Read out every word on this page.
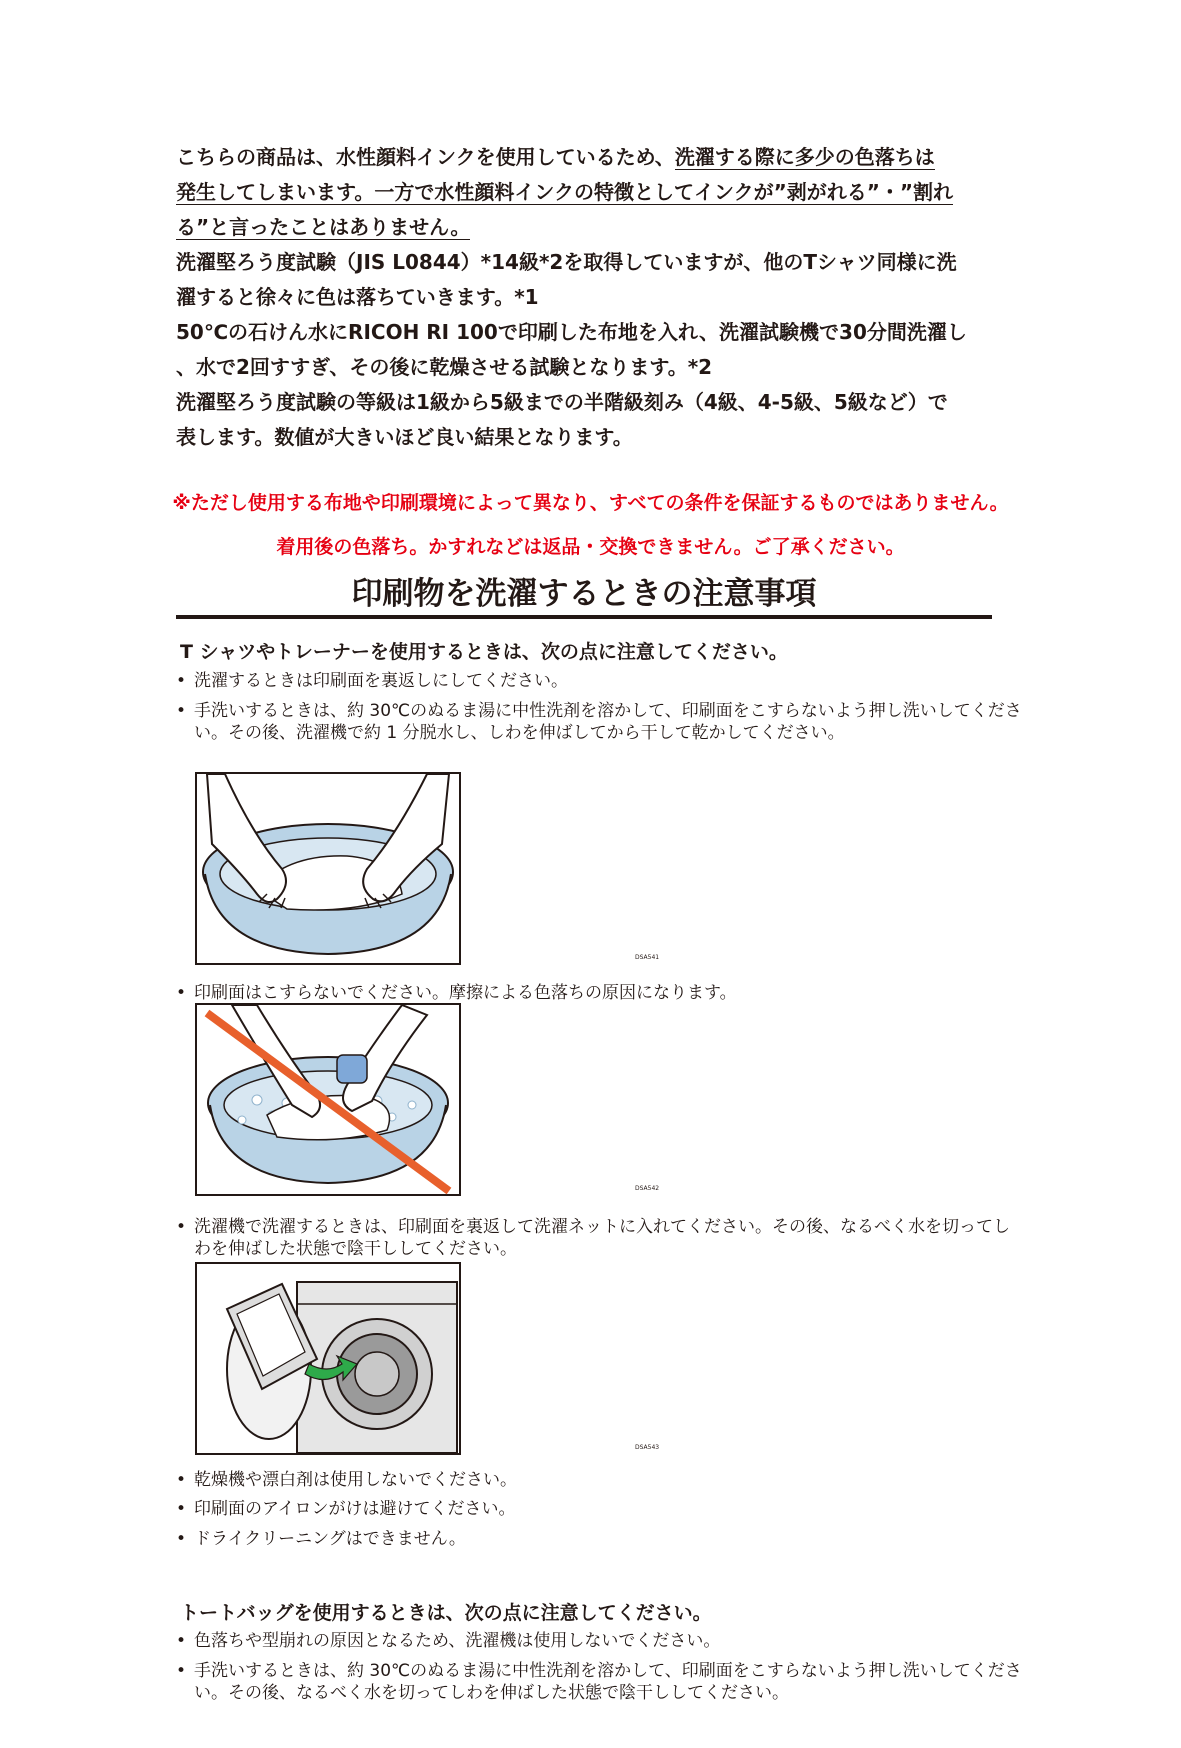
こちらの商品は、水性顔料インクを使用しているため、洗濯する際に多少の色落ちは

発生してしまいます。一方で水性顔料インクの特徴としてインクが”剥がれる”・”割れ

る”と言ったことはありません。

洗濯堅ろう度試験（JIS L0844）*14級*2を取得していますが、他のTシャツ同様に洗

濯すると徐々に色は落ちていきます。*1

50℃の石けん水にRICOH RI 100で印刷した布地を入れ、洗濯試験機で30分間洗濯し

、水で2回すすぎ、その後に乾燥させる試験となります。*2

洗濯堅ろう度試験の等級は1級から5級までの半階級刻み（4級、4-5級、5級など）で

表します。数値が大きいほど良い結果となります。

※ただし使用する布地や印刷環境によって異なり、すべての条件を保証するものではありません。
着用後の色落ち。かすれなどは返品・交換できません。ご了承ください。
印刷物を洗濯するときの注意事項
T シャツやトレーナーを使用するときは、次の点に注意してください。
• 洗濯するときは印刷面を裏返しにしてください。
• 手洗いするときは、約 30℃のぬるま湯に中性洗剤を溶かして、印刷面をこすらないよう押し洗いしてください。その後、洗濯機で約 1 分脱水し、しわを伸ばしてから干して乾かしてください。
DSA541
• 印刷面はこすらないでください。摩擦による色落ちの原因になります。
DSA542
• 洗濯機で洗濯するときは、印刷面を裏返して洗濯ネットに入れてください。その後、なるべく水を切ってしわを伸ばした状態で陰干ししてください。
DSA543
• 乾燥機や漂白剤は使用しないでください。
• 印刷面のアイロンがけは避けてください。
• ドライクリーニングはできません。
トートバッグを使用するときは、次の点に注意してください。
• 色落ちや型崩れの原因となるため、洗濯機は使用しないでください。
• 手洗いするときは、約 30℃のぬるま湯に中性洗剤を溶かして、印刷面をこすらないよう押し洗いしてください。その後、なるべく水を切ってしわを伸ばした状態で陰干ししてください。
